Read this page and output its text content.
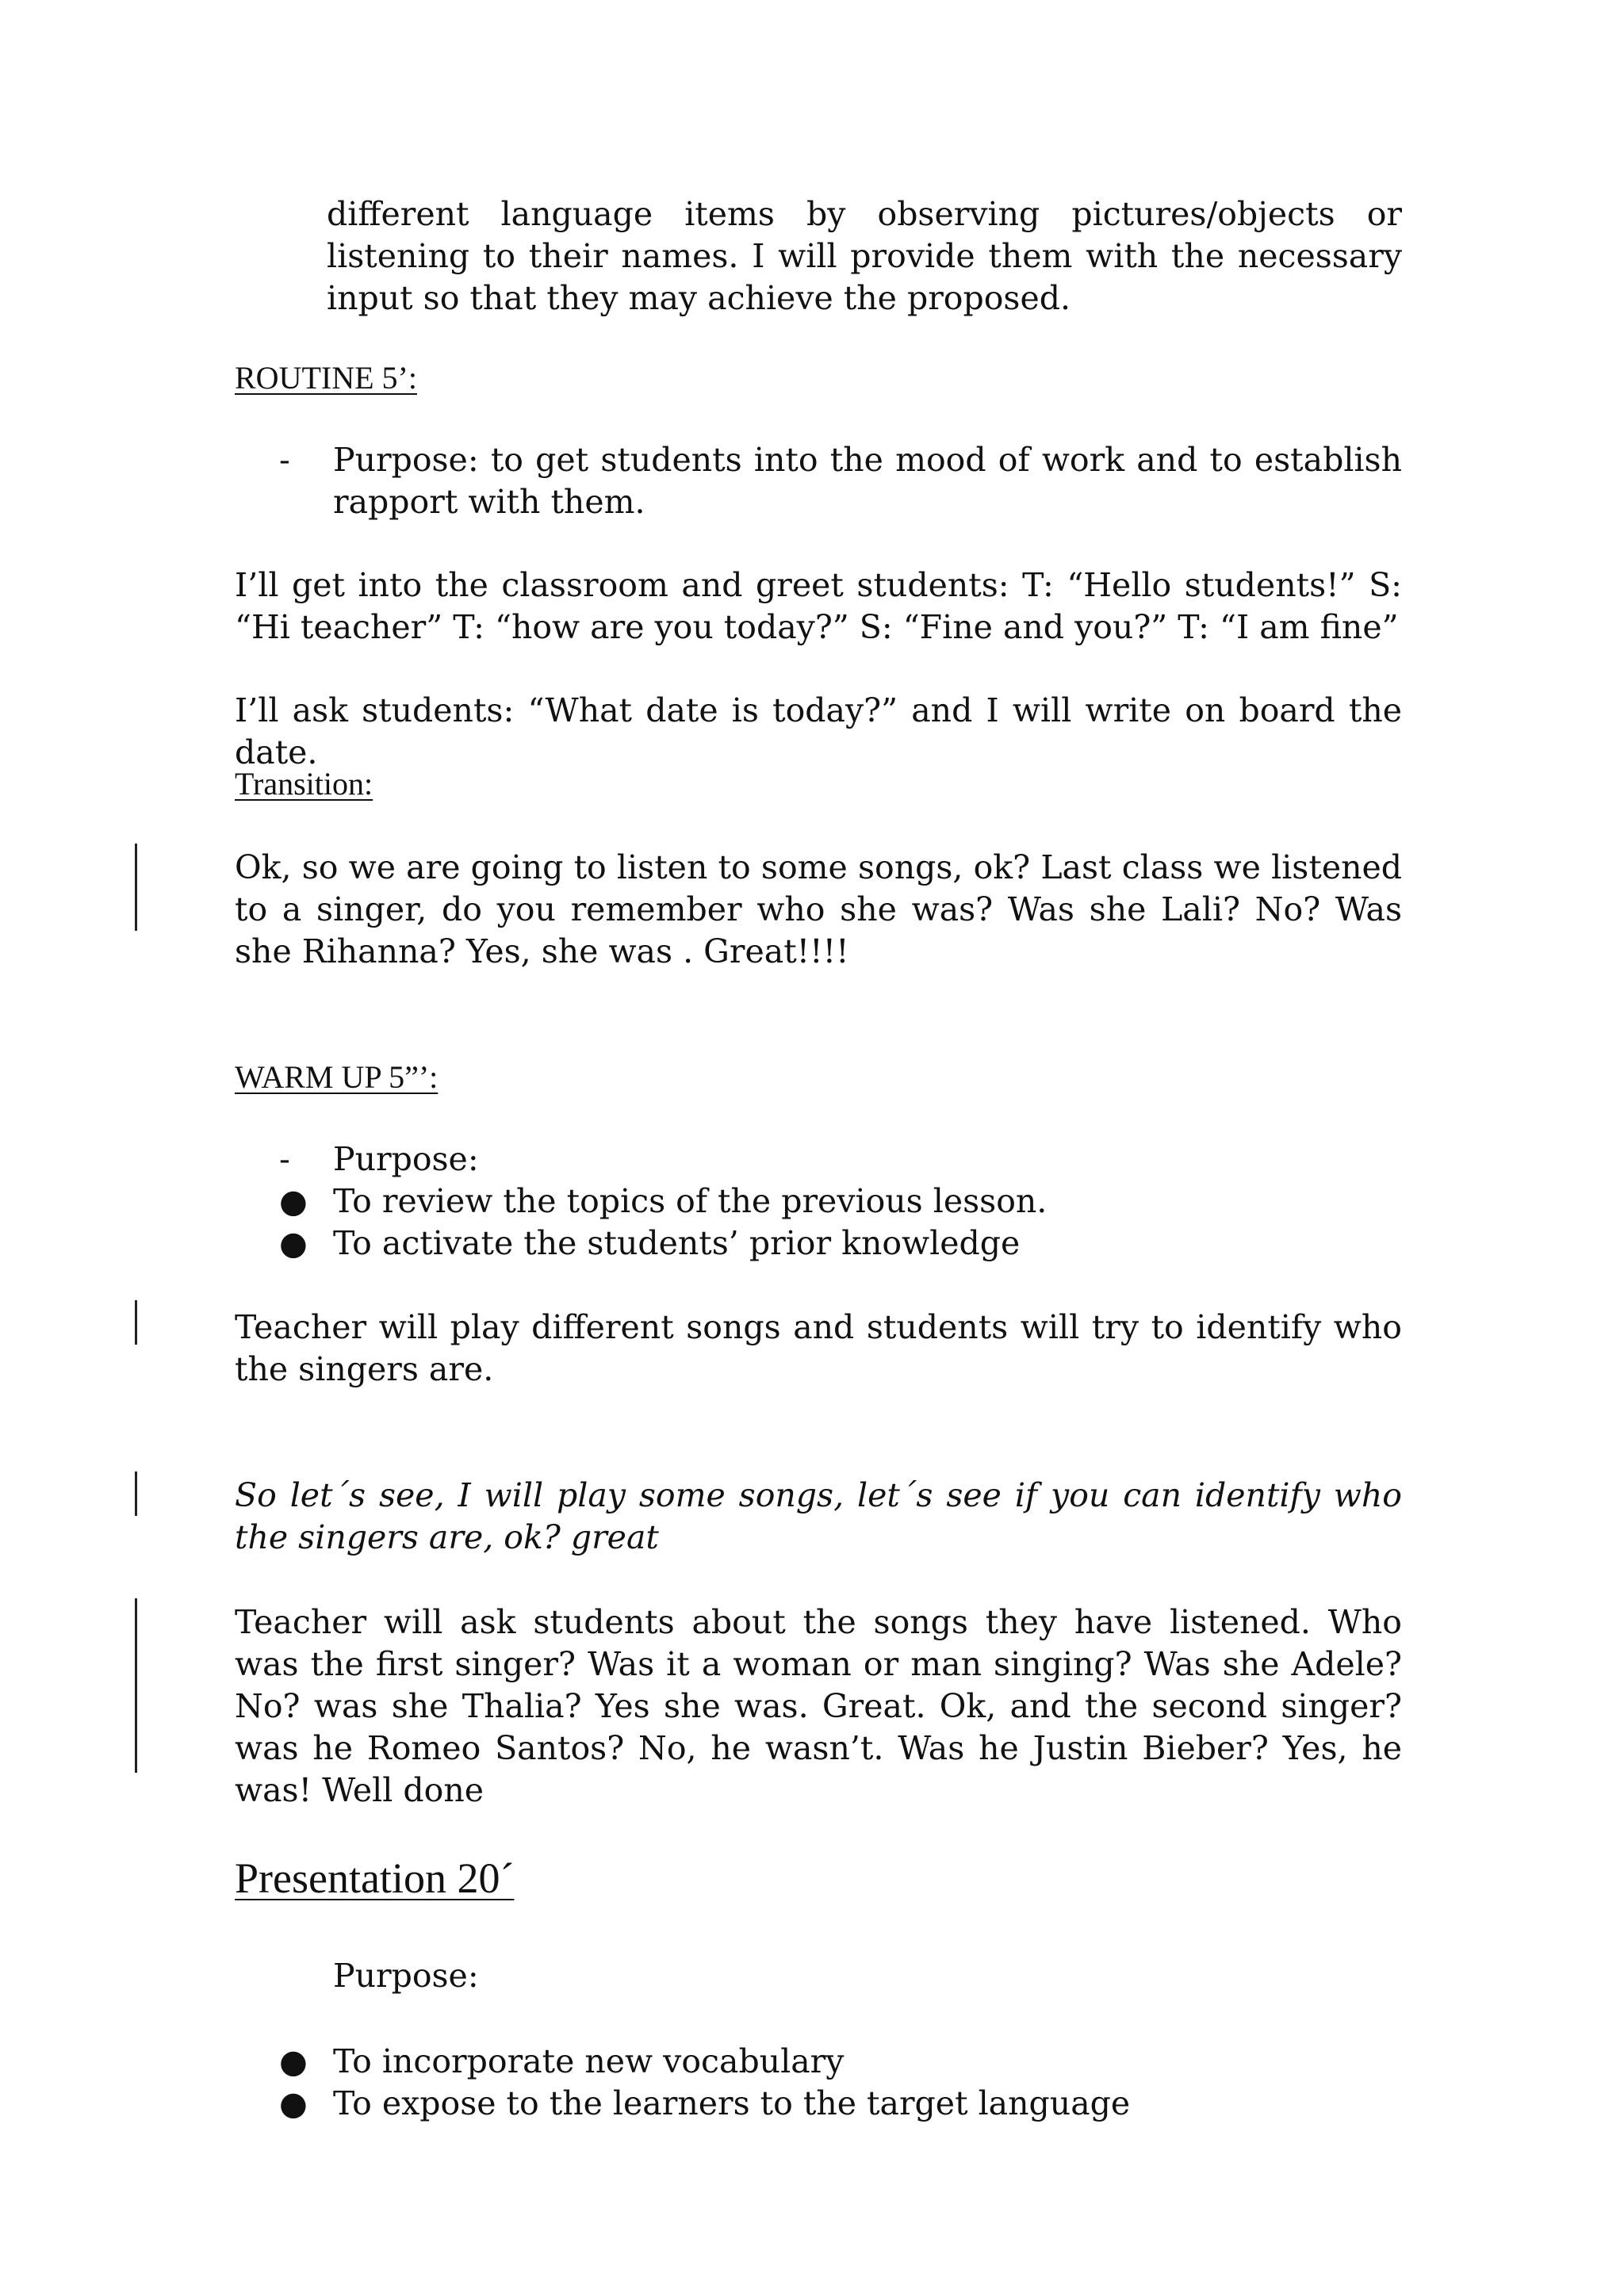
different language items by observing pictures/objects or listening to their names. I will provide them with the necessary input so that they may achieve the proposed.

ROUTINE 5’:

- Purpose: to get students into the mood of work and to establish rapport with them.

I’ll get into the classroom and greet students: T: “Hello students!” S: “Hi teacher” T: “how are you today?” S: “Fine and you?” T: “I am fine”

I’ll ask students: “What date is today?” and I will write on board the date.

Transition:

Ok, so we are going to listen to some songs, ok? Last class we listened to a singer, do you remember who she was? Was she Lali? No? Was she Rihanna? Yes, she was . Great!!!!

WARM UP 5”’:

- Purpose:

● To review the topics of the previous lesson.

● To activate the students’ prior knowledge

Teacher will play different songs and students will try to identify who the singers are.

So let´s see, I will play some songs, let´s see if you can identify who the singers are, ok? great

Teacher will ask students about the songs they have listened. Who was the first singer? Was it a woman or man singing? Was she Adele? No? was she Thalia? Yes she was. Great. Ok, and the second singer? was he Romeo Santos? No, he wasn’t. Was he Justin Bieber? Yes, he was! Well done

Presentation 20´

Purpose:

● To incorporate new vocabulary

● To expose to the learners to the target language
